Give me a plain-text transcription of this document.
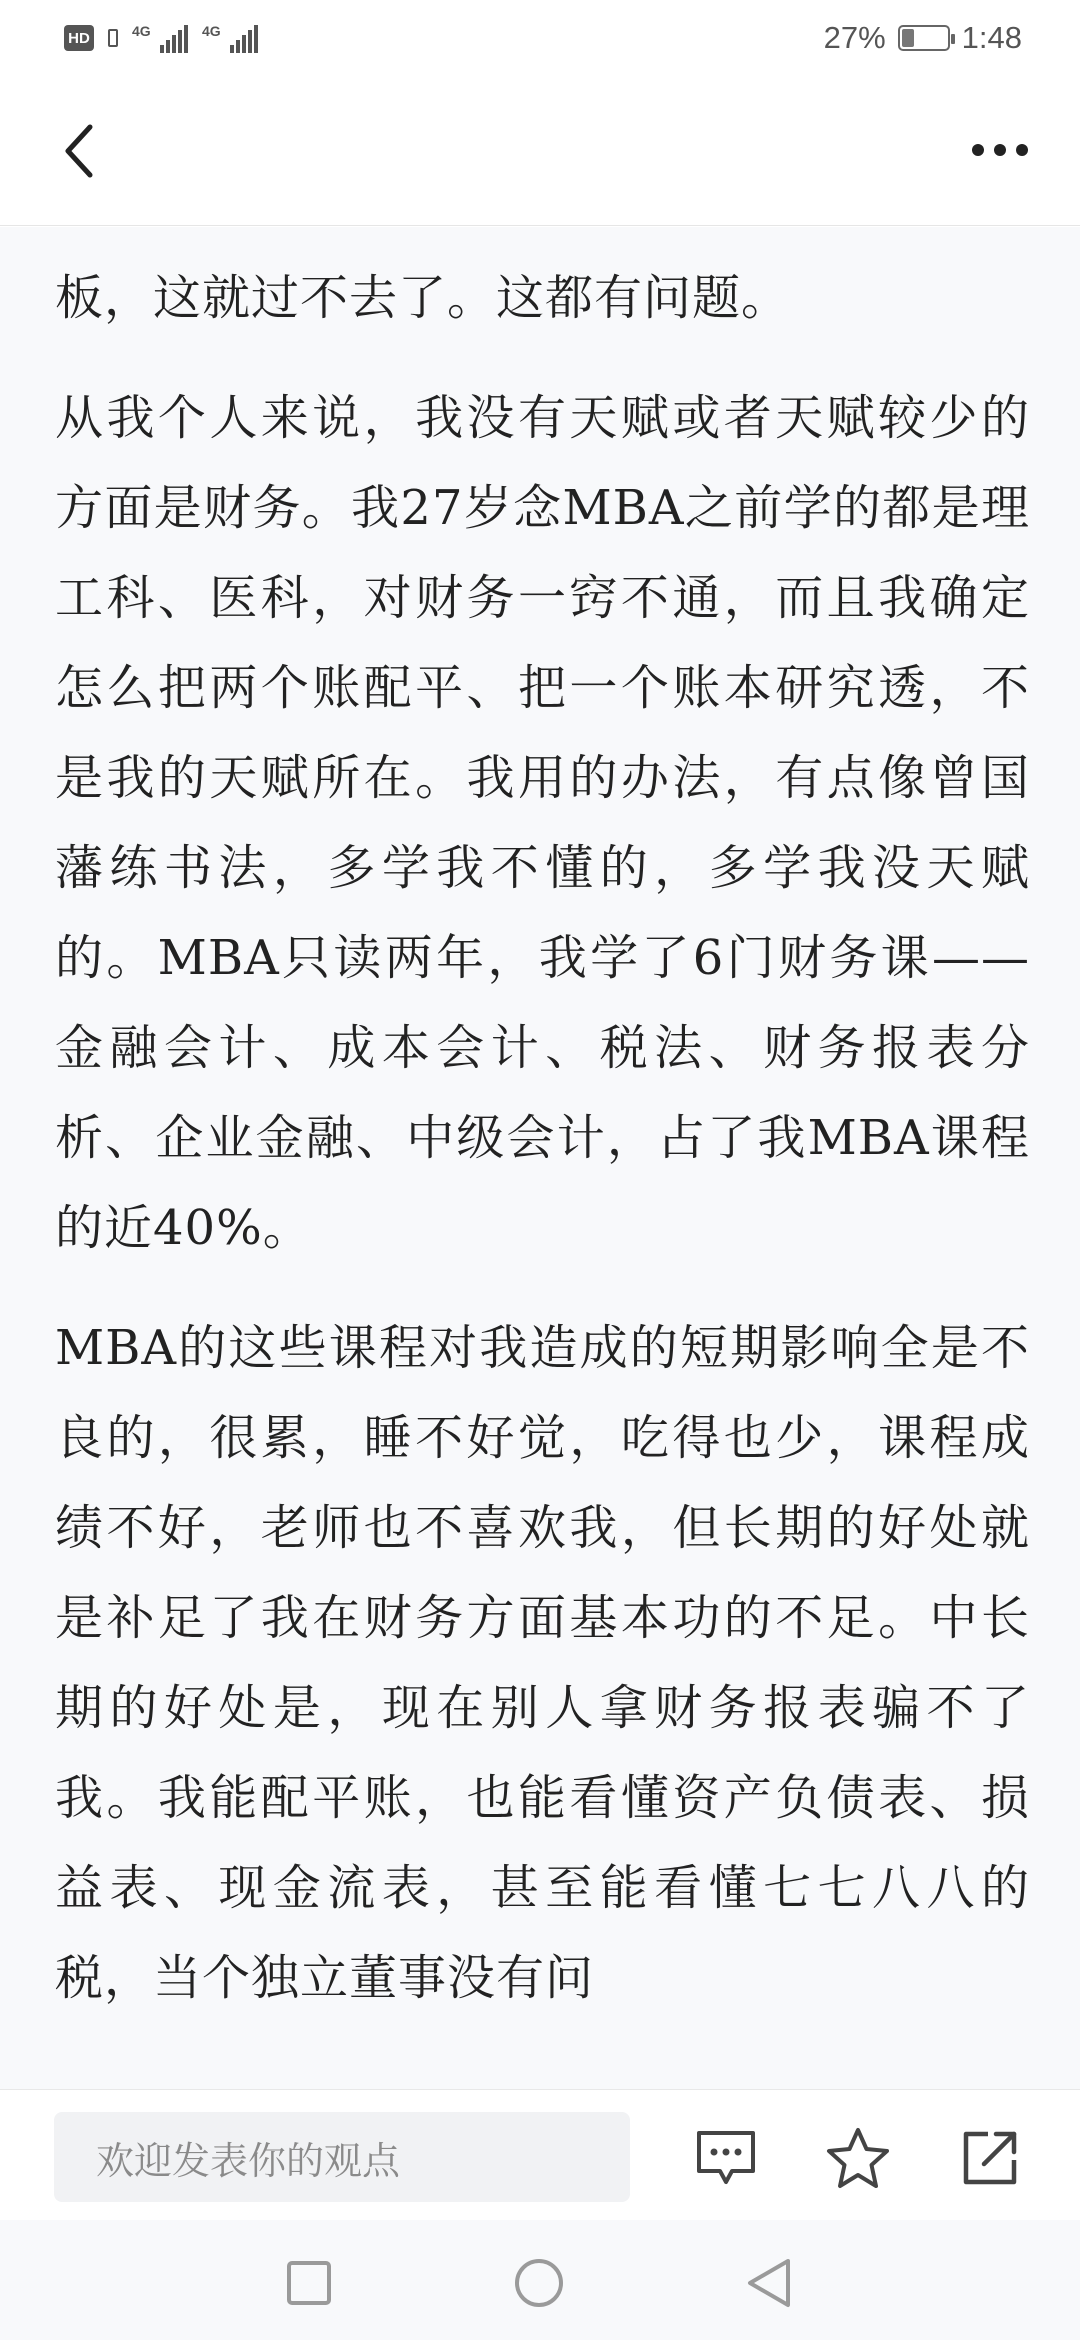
HD	4G	4G	27% ❦ 1:48

板，这就过不去了。这都有问题。

从我个人来说，我没有天赋或者天赋较少的方面是财务。我27岁念MBA之前学的都是理工科、医科，对财务一窍不通，而且我确定怎么把两个账配平、把一个账本研究透，不是我的天赋所在。我用的办法，有点像曾国藩练书法，多学我不懂的，多学我没天赋的。MBA只读两年，我学了6门财务课——金融会计、成本会计、税法、财务报表分析、企业金融、中级会计，占了我MBA课程的近40%。

MBA的这些课程对我造成的短期影响全是不良的，很累，睡不好觉，吃得也少，课程成绩不好，老师也不喜欢我，但长期的好处就是补足了我在财务方面基本功的不足。中长期的好处是，现在别人拿财务报表骗不了我。我能配平账，也能看懂资产负债表、损益表、现金流表，甚至能看懂七七八八的税，当个独立董事没有问

欢迎发表你的观点
